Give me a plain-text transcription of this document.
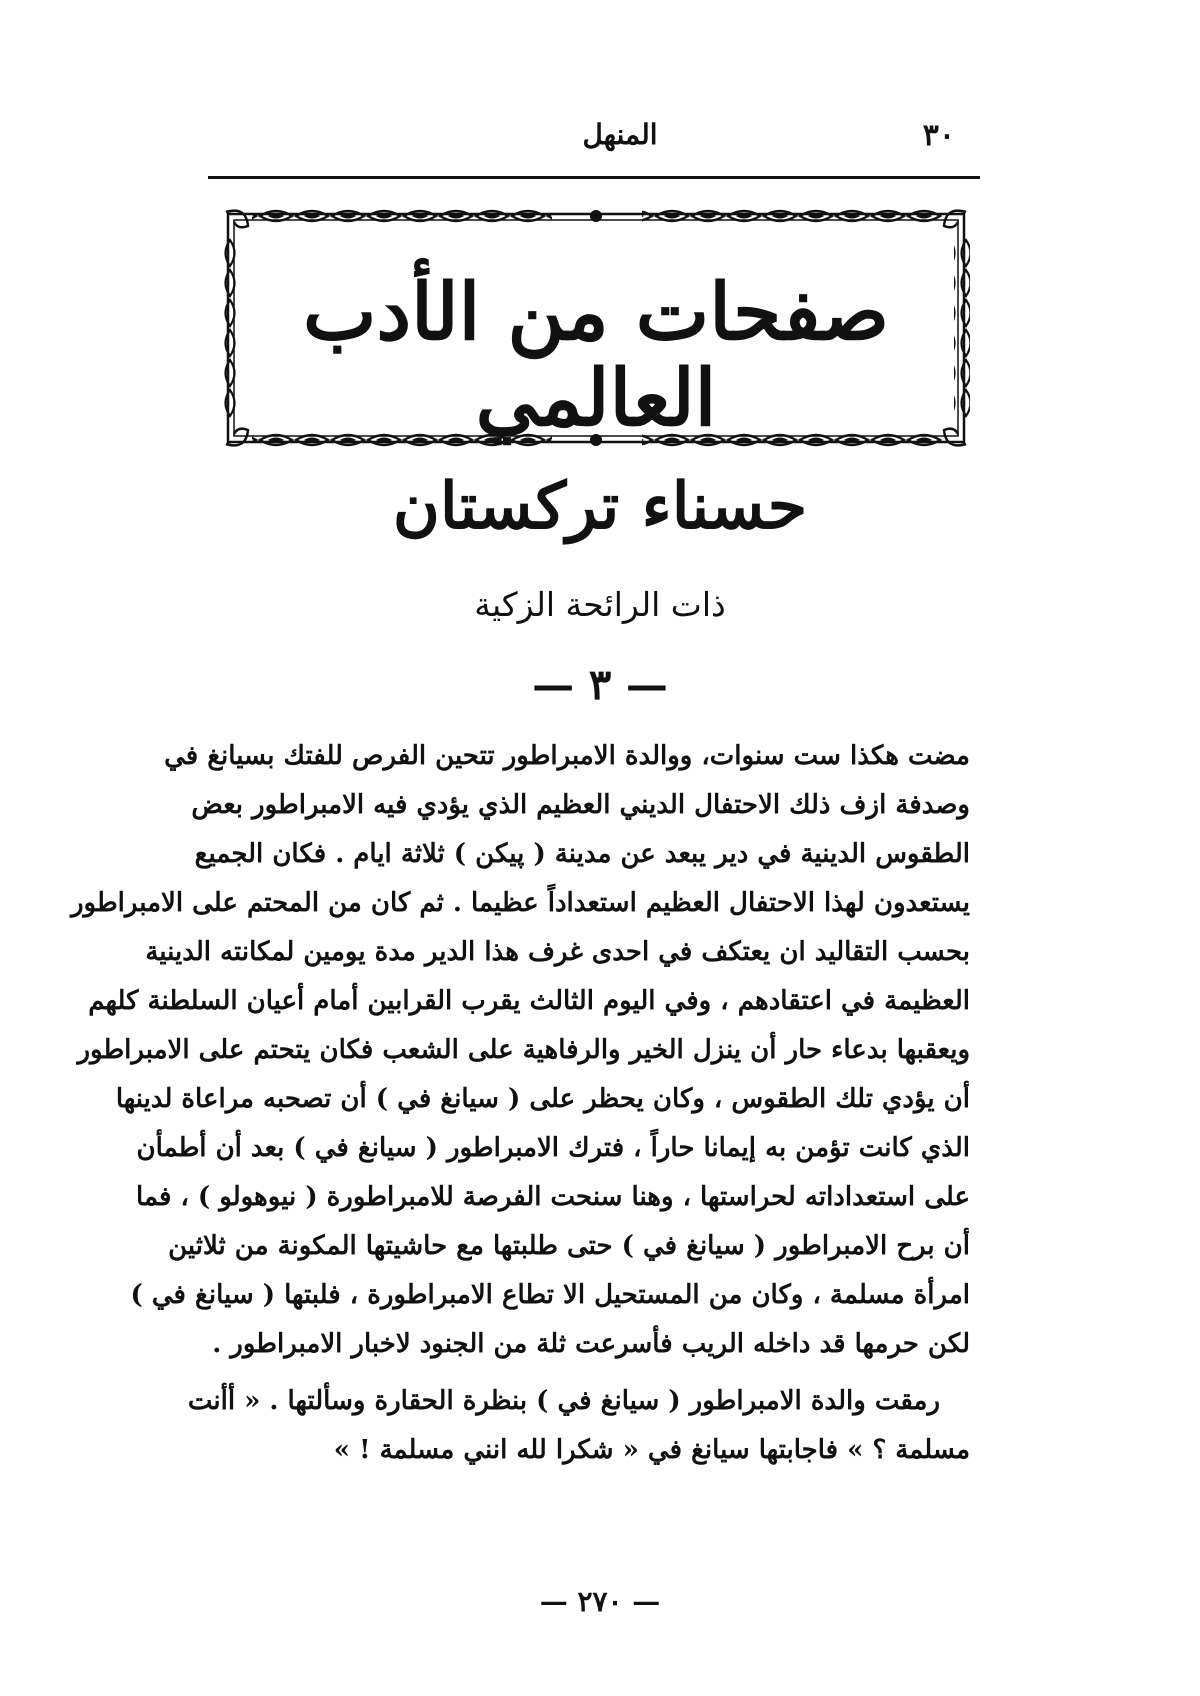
٣٠
المنهل
صفحات من الأدب العالمي
حسناء تركستان
ذات الرائحة الزكية
— ٣ —
مضت هكذا ست سنوات، ووالدة الامبراطور تتحين الفرص للفتك بسيانغ في
وصدفة ازف ذلك الاحتفال الديني العظيم الذي يؤدي فيه الامبراطور بعض
الطقوس الدينية في دير يبعد عن مدينة ( پيكن ) ثلاثة ايام . فكان الجميع
يستعدون لهذا الاحتفال العظيم استعداداً عظيما . ثم كان من المحتم على الامبراطور
بحسب التقاليد ان يعتكف في احدى غرف هذا الدير مدة يومين لمكانته الدينية
العظيمة في اعتقادهم ، وفي اليوم الثالث يقرب القرابين أمام أعيان السلطنة كلهم
ويعقبها بدعاء حار أن ينزل الخير والرفاهية على الشعب فكان يتحتم على الامبراطور
أن يؤدي تلك الطقوس ، وكان يحظر على ( سيانغ في ) أن تصحبه مراعاة لدينها
الذي كانت تؤمن به إيمانا حاراً ، فترك الامبراطور ( سيانغ في ) بعد أن أطمأن
على استعداداته لحراستها ، وهنا سنحت الفرصة للامبراطورة ( نيوهولو ) ، فما
أن برح الامبراطور ( سيانغ في ) حتى طلبتها مع حاشيتها المكونة من ثلاثين
امرأة مسلمة ، وكان من المستحيل الا تطاع الامبراطورة ، فلبتها ( سيانغ في )
لكن حرمها قد داخله الريب فأسرعت ثلة من الجنود لاخبار الامبراطور .
رمقت والدة الامبراطور ( سيانغ في ) بنظرة الحقارة وسألتها . « أأنت
مسلمة ؟ » فاجابتها سيانغ في « شكرا لله انني مسلمة ! »
— ٢٧٠ —
